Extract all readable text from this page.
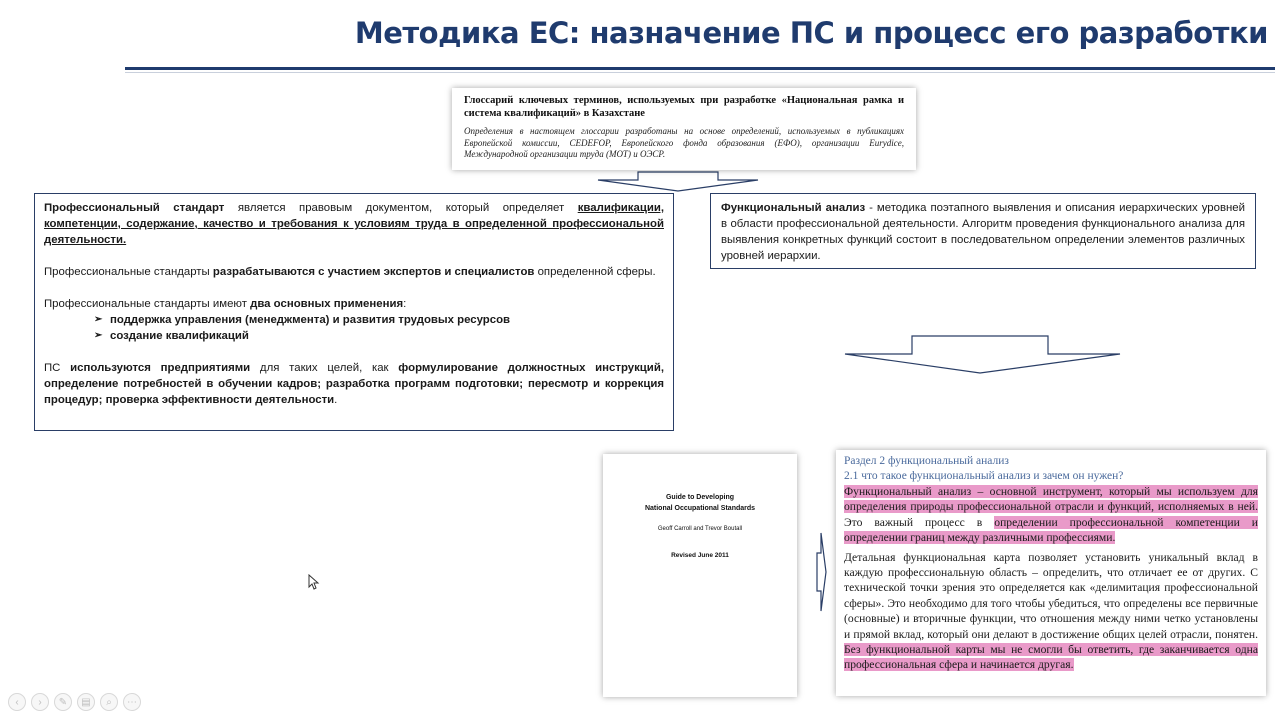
Методика ЕС: назначение ПС и процесс его разработки
Глоссарий ключевых терминов, используемых при разработке «Национальная рамка и система квалификаций» в Казахстане
Определения в настоящем глоссарии разработаны на основе определений, используемых в публикациях Европейской комиссии, CEDEFOP, Европейского фонда образования (ЕФО), организации Eurydice, Международной организации труда (МОТ) и ОЭСР.

Профессиональный стандарт является правовым документом, который определяет квалификации, компетенции, содержание, качество и требования к условиям труда в определенной профессиональной деятельности.

Профессиональные стандарты разрабатываются с участием экспертов и специалистов определенной сферы.

Профессиональные стандарты имеют два основных применения:

➢ поддержка управления (менеджмента) и развития трудовых ресурсов
➢ создание квалификаций

ПС используются предприятиями для таких целей, как формулирование должностных инструкций, определение потребностей в обучении кадров; разработка программ подготовки; пересмотр и коррекция процедур; проверка эффективности деятельности.

Функциональный анализ - методика поэтапного выявления и описания иерархических уровней в области профессиональной деятельности. Алгоритм проведения функционального анализа для выявления конкретных функций состоит в последовательном определении элементов различных уровней иерархии.

Guide to Developing
National Occupational Standards
Geoff Carroll and Trevor Boutall
Revised June 2011
Раздел 2 функциональный анализ
2.1 что такое функциональный анализ и зачем он нужен?

Функциональный анализ – основной инструмент, который мы используем для определения природы профессиональной отрасли и функций, исполняемых в ней. Это важный процесс в определении профессиональной компетенции и определении границ между различными профессиями.

Детальная функциональная карта позволяет установить уникальный вклад в каждую профессиональную область – определить, что отличает ее от других. С технической точки зрения это определяется как «делимитация профессиональной сферы». Это необходимо для того чтобы убедиться, что определены все первичные (основные) и вторичные функции, что отношения между ними четко установлены и прямой вклад, который они делают в достижение общих целей отрасли, понятен. Без функциональной карты мы не смогли бы ответить, где заканчивается одна профессиональная сфера и начинается другая.

‹	›	✎	▤	⌕	⋯
